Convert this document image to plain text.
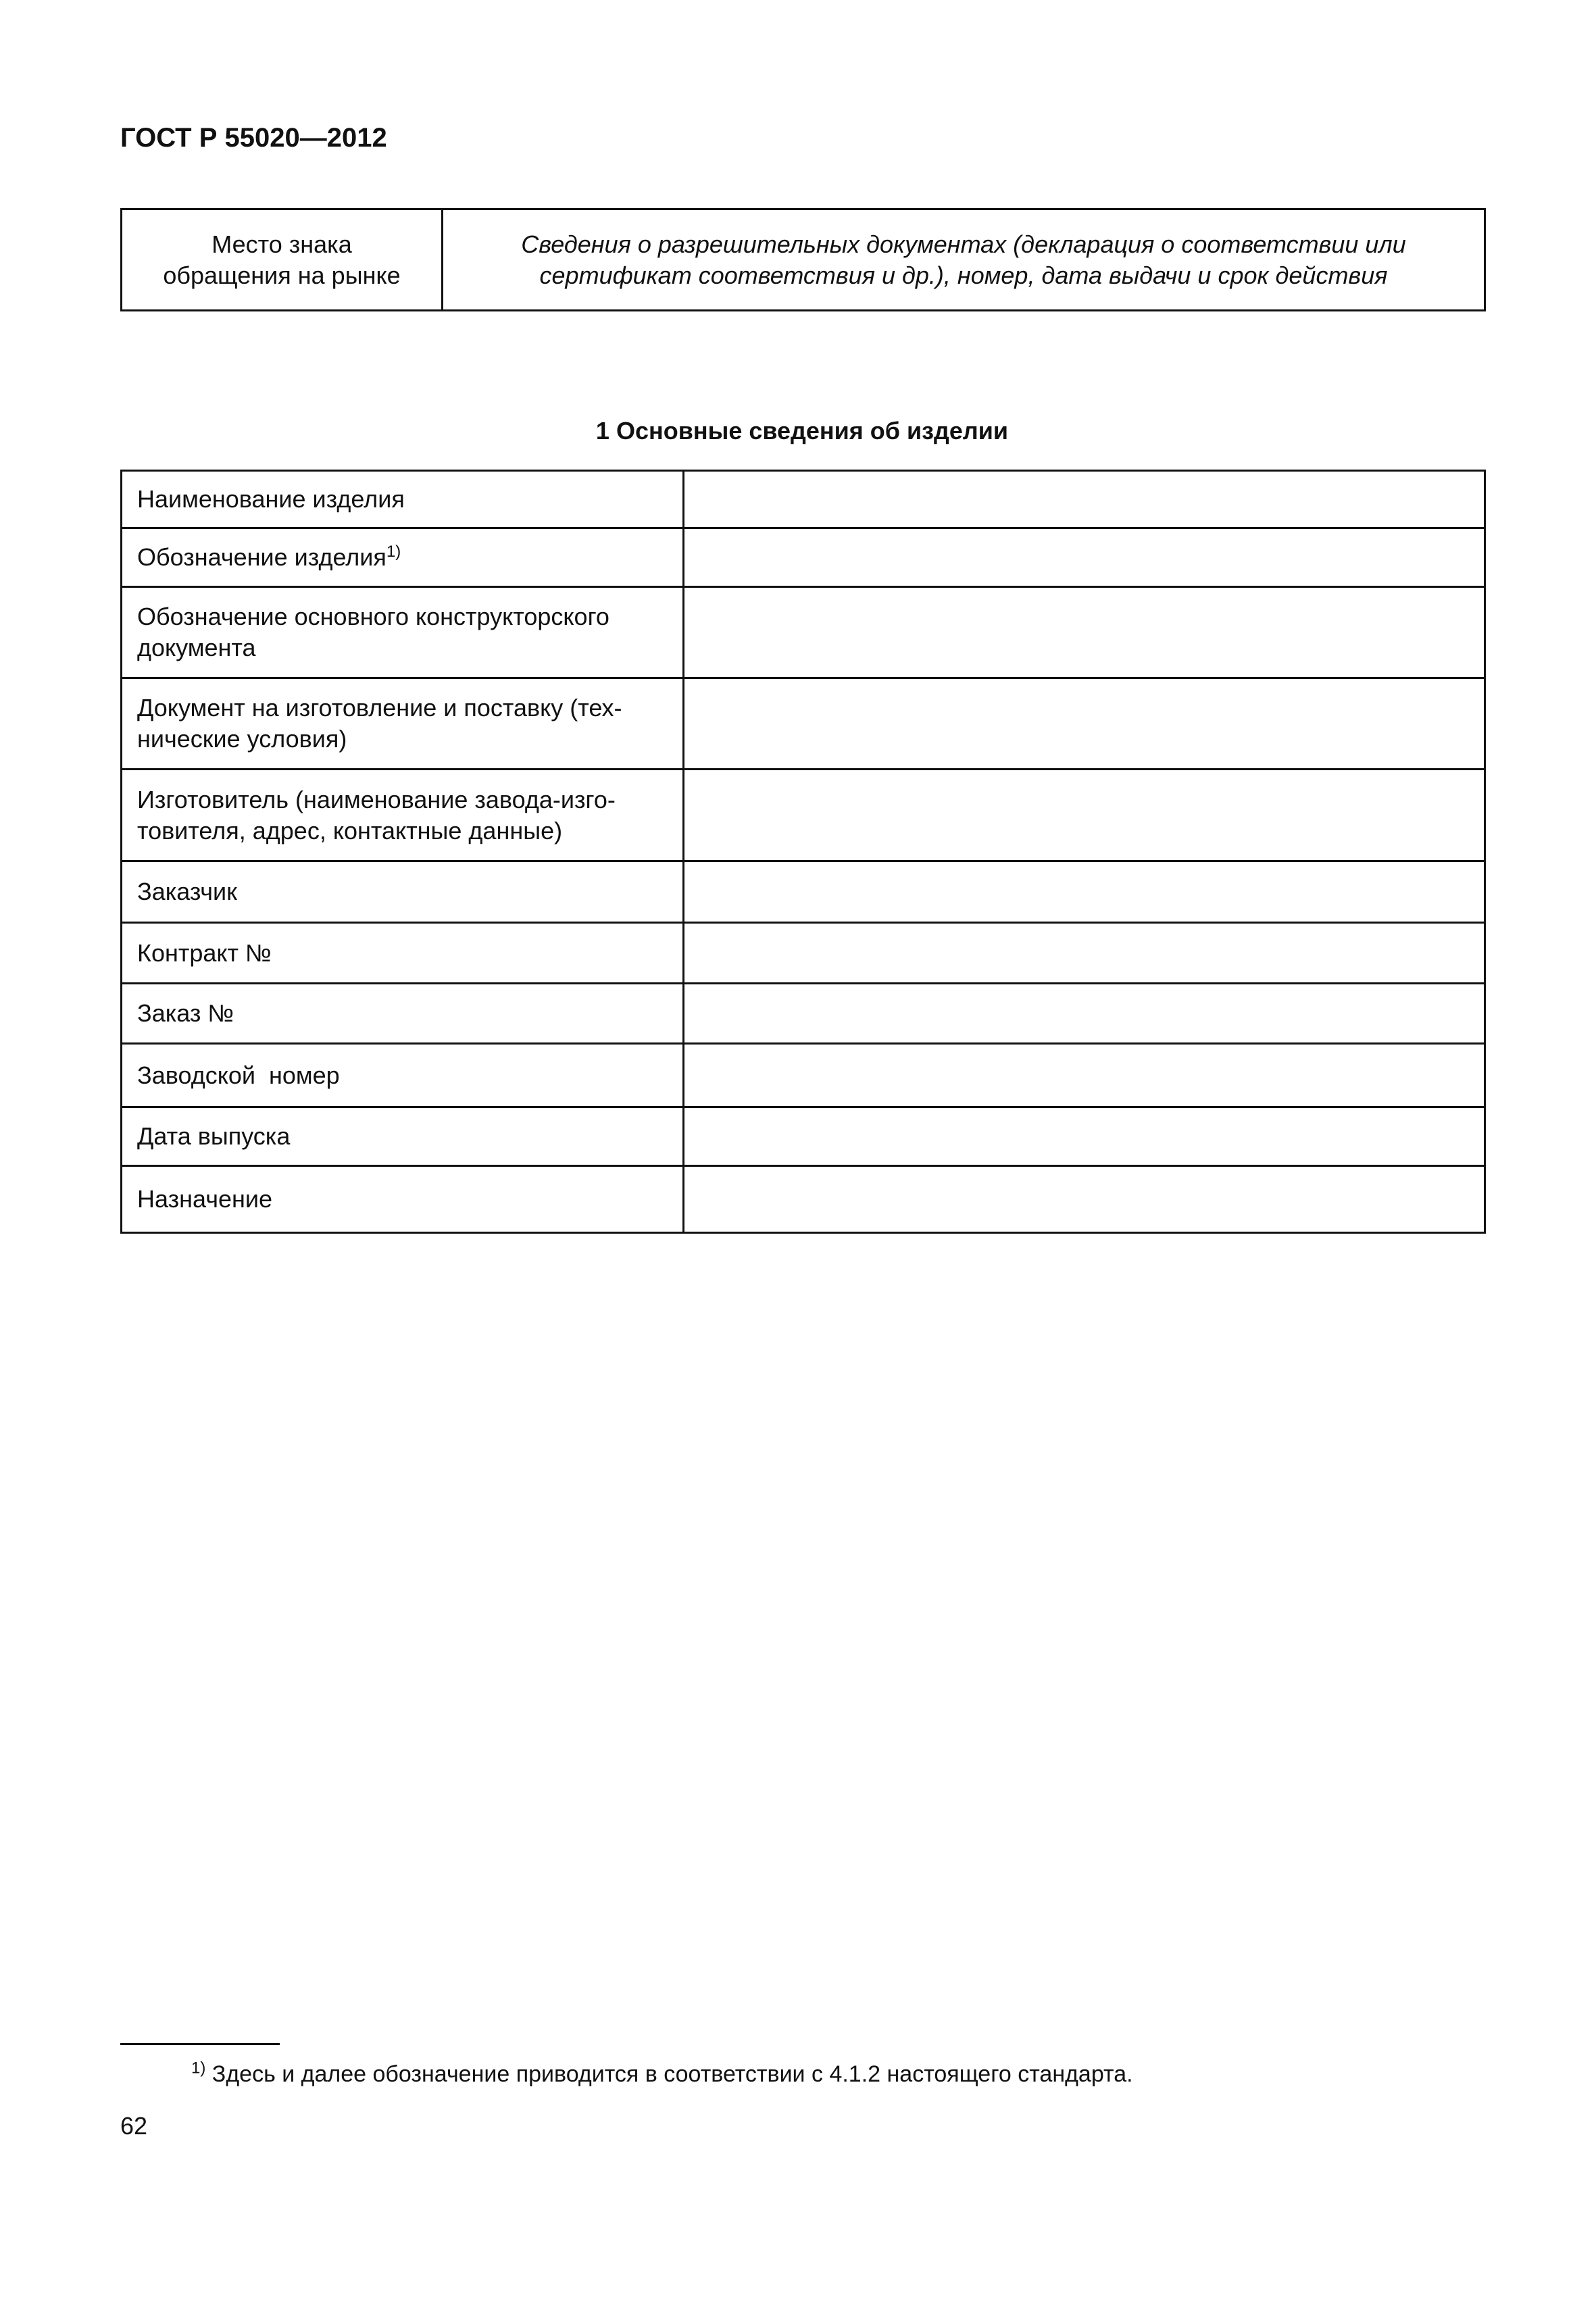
ГОСТ Р 55020—2012
Место знака
обращения на рынке	Сведения о разрешительных документах (декларация о соответствии или
сертификат соответствия и др.), номер, дата выдачи и срок действия
1 Основные сведения об изделии
Наименование изделия	
Обозначение изделия$^{1)}$	
Обозначение основного конструкторского
документа	
Документ на изготовление и поставку (тех-
нические условия)	
Изготовитель (наименование завода-изго-
товителя, адрес, контактные данные)	
Заказчик	
Контракт №	
Заказ №	
Заводской  номер	
Дата выпуска	
Назначение	
$^{1)}$ Здесь и далее обозначение приводится в соответствии с 4.1.2 настоящего стандарта.
62
